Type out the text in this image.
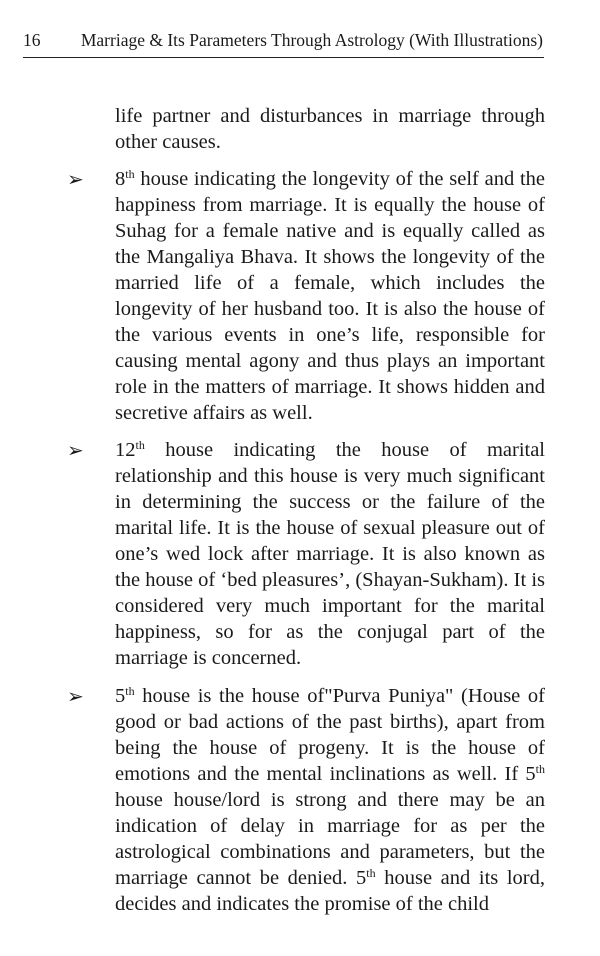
16 Marriage & Its Parameters Through Astrology (With Illustrations)

life partner and disturbances in marriage through other causes.

➢ 8th house indicating the longevity of the self and the happiness from marriage. It is equally the house of Suhag for a female native and is equally called as the Mangaliya Bhava. It shows the longevity of the married life of a female, which includes the longevity of her husband too. It is also the house of the various events in one’s life, responsible for causing mental agony and thus plays an important role in the matters of marriage. It shows hidden and secretive affairs as well.

➢ 12th house indicating the house of marital relationship and this house is very much significant in determining the success or the failure of the marital life. It is the house of sexual pleasure out of one’s wed lock after marriage. It is also known as the house of ‘bed pleasures’, (Shayan-Sukham). It is considered very much important for the marital happiness, so for as the conjugal part of the marriage is concerned.

➢ 5th house is the house of"Purva Puniya" (House of good or bad actions of the past births), apart from being the house of progeny. It is the house of emotions and the mental inclinations as well. If 5th house house/lord is strong and there may be an indication of delay in marriage for as per the astrological combinations and parameters, but the marriage cannot be denied. 5th house and its lord, decides and indicates the promise of the child
